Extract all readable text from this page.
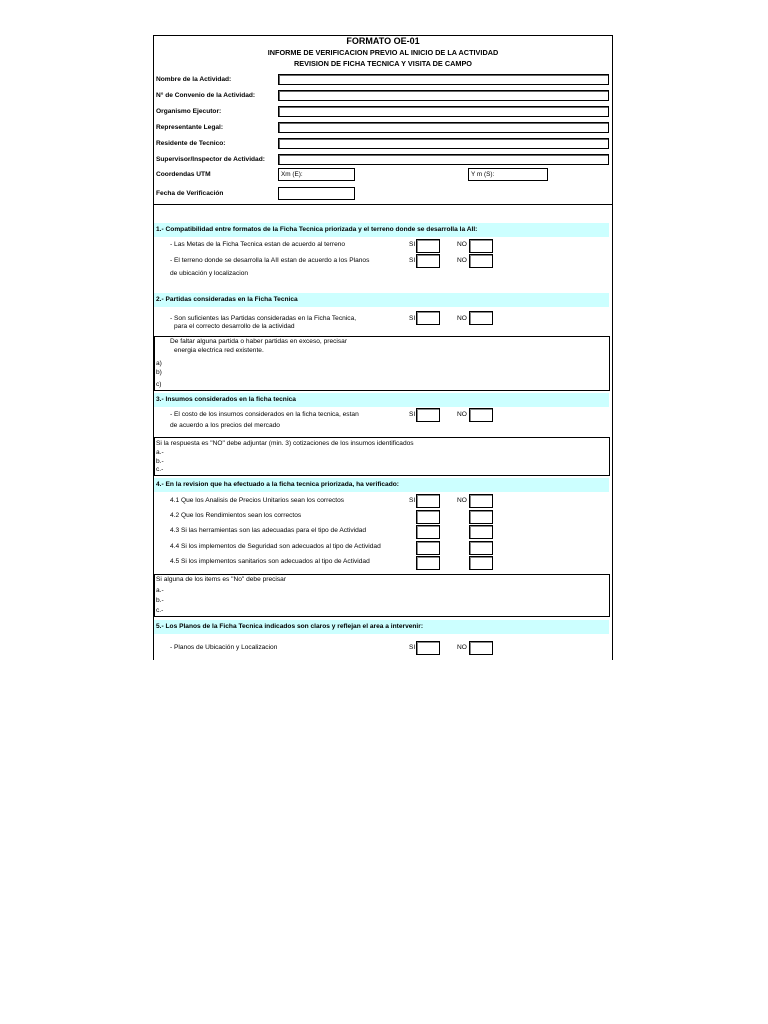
FORMATO OE-01
INFORME DE VERIFICACION PREVIO AL INICIO DE LA ACTIVIDAD
REVISION DE FICHA TECNICA Y VISITA DE CAMPO
Nombre de la Actividad:
N° de Convenio de la Actividad:
Organismo Ejecutor:
Representante Legal:
Residente de Tecnico:
Supervisor/Inspector de Actividad:
Coordendas UTM	Xm (E):	Y m (S):
Fecha de Verificación
1.- Compatibilidad entre formatos de la Ficha Tecnica priorizada y el terreno donde se desarrolla la AII:
- Las Metas de la Ficha Tecnica estan de acuerdo al terreno	SI	NO
- El terreno donde se desarrolla la AII estan de acuerdo a los Planos
de ubicación y localizacion
SI	NO
2.- Partidas consideradas en la Ficha Tecnica
- Son suficientes las Partidas consideradas en la Ficha Tecnica,
para el correcto desarrollo de la actividad
SI	NO
De faltar alguna partida o haber partidas en exceso, precisar
energia electrica red existente.
a)
b)
c)
3.- Insumos considerados en la ficha tecnica
- El costo de los insumos considerados en la ficha tecnica, estan
de acuerdo a los precios del mercado
SI	NO
Si la respuesta es "NO" debe adjuntar (min. 3) cotizaciones de los insumos identificados
a.-
b.-
c.-
4.- En la revision que ha efectuado a la ficha tecnica priorizada, ha verificado:
4.1 Que los Analisis de Precios Unitarios sean los correctos	SI	NO
4.2 Que los Rendimientos sean los correctos
4.3 Si las herramientas son las adecuadas para el tipo de Actividad
4.4 Si los implementos de Seguridad son adecuados al tipo de Actividad
4.5 Si los implementos sanitarios son adecuados al tipo de Actividad
Si alguna de los items es "No" debe precisar
a.-
b.-
c.-
5.- Los Planos de la Ficha Tecnica indicados son claros y reflejan el area a intervenir:
- Planos de Ubicación y Localizacion	SI	NO
